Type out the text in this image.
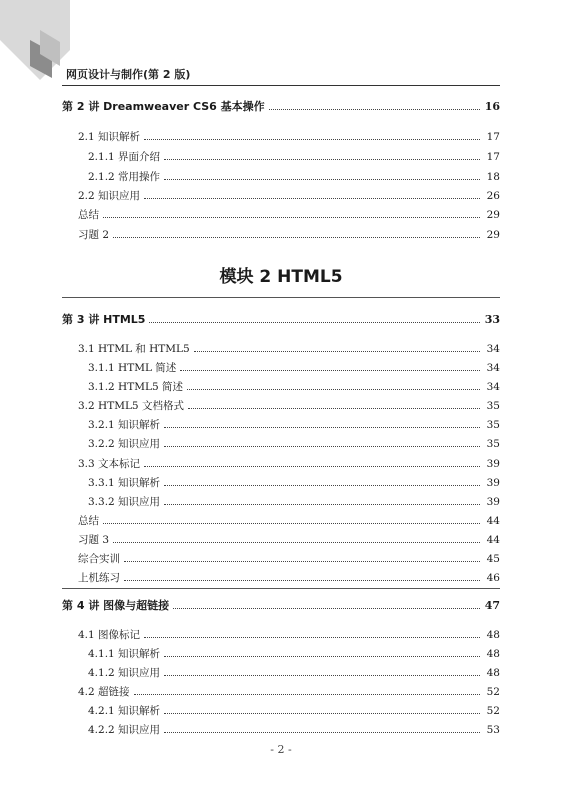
网页设计与制作(第 2 版)
模块 2 HTML5
第 2 讲 Dreamweaver CS6 基本操作	16
2.1 知识解析	17
2.1.1 界面介绍	17
2.1.2 常用操作	18
2.2 知识应用	26
总结	29
习题 2	29
第 3 讲 HTML5	33
3.1 HTML 和 HTML5	34
3.1.1 HTML 简述	34
3.1.2 HTML5 简述	34
3.2 HTML5 文档格式	35
3.2.1 知识解析	35
3.2.2 知识应用	35
3.3 文本标记	39
3.3.1 知识解析	39
3.3.2 知识应用	39
总结	44
习题 3	44
综合实训	45
上机练习	46
第 4 讲 图像与超链接	47
4.1 图像标记	48
4.1.1 知识解析	48
4.1.2 知识应用	48
4.2 超链接	52
4.2.1 知识解析	52
4.2.2 知识应用	53
- 2 -
